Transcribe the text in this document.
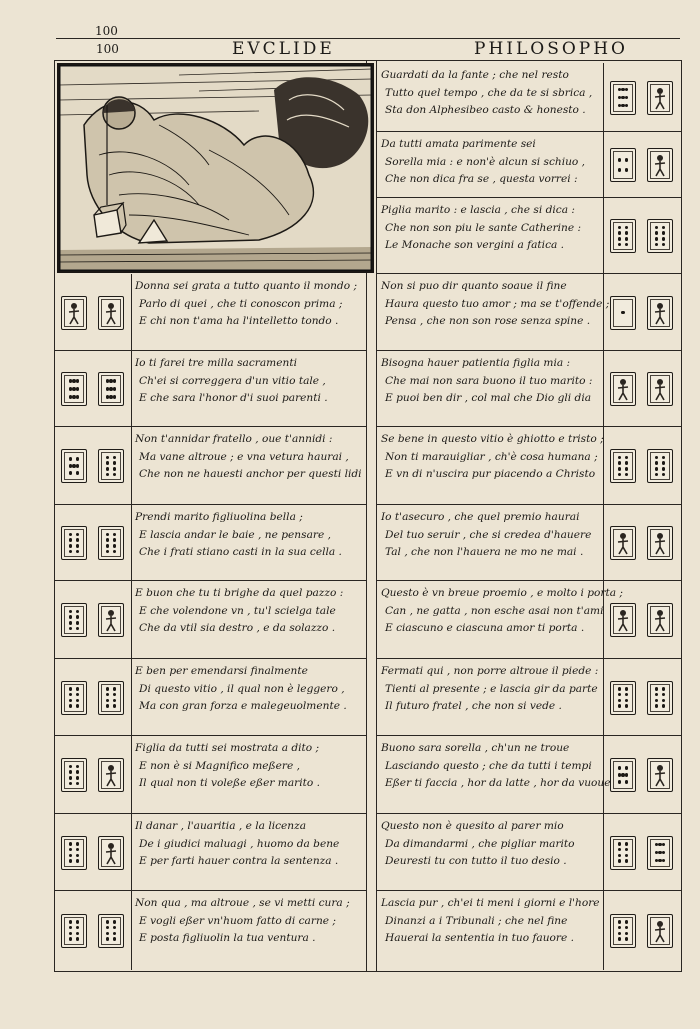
100
100	EVCLIDE	PHILOSOPHO
Guardati da la fante ; che nel resto
Tutto quel tempo , che da te si sbrica ,
Sta don Alphesibeo casto & honesto .
Da tutti amata parimente sei
Sorella mia : e non'è alcun si schiuo ,
Che non dica fra se , questa vorrei :
Piglia marito : e lascia , che si dica :
Che non son piu le sante Catherine :
Le Monache son vergini a fatica .
Non si puo dir quanto soaue il fine
Haura questo tuo amor ; ma se t'offende ;
Pensa , che non son rose senza spine .
Bisogna hauer patientia figlia mia :
Che mai non sara buono il tuo marito :
E puoi ben dir , col mal che Dio gli dia
Se bene in questo vitio è ghiotto e tristo ;
Non ti marauigliar , ch'è cosa humana ;
E vn di n'uscira pur piacendo a Christo
Io t'asecuro , che quel premio haurai
Del tuo seruir , che si credea d'hauere
Tal , che non l'hauera ne mo ne mai .
Questo è vn breue proemio , e molto i porta ;
Can , ne gatta , non esche asai non t'ami
E ciascuno e ciascuna amor ti porta .
Fermati qui , non porre altroue il piede :
Tienti al presente ; e lascia gir da parte
Il futuro fratel , che non si vede .
Buono sara sorella , ch'un ne troue
Lasciando questo ; che da tutti i tempi
Eßer ti faccia , hor da latte , hor da vuoue
Questo non è quesito al parer mio
Da dimandarmi , che pigliar marito
Deuresti tu con tutto il tuo desio .
Lascia pur , ch'ei ti meni i giorni e l'hore
Dinanzi a i Tribunali ; che nel fine
Hauerai la sententia in tuo fauore .
Donna sei grata a tutto quanto il mondo ;
Parlo di quei , che ti conoscon prima ;
E chi non t'ama ha l'intelletto tondo .
Io ti farei tre milla sacramenti
Ch'ei si correggera d'un vitio tale ,
E che sara l'honor d'i suoi parenti .
Non t'annidar fratello , oue t'annidi :
Ma vane altroue ; e vna vetura haurai ,
Che non ne hauesti anchor per questi lidi
Prendi marito figliuolina bella ;
E lascia andar le baie , ne pensare ,
Che i frati stiano casti in la sua cella .
E buon che tu ti brighe da quel pazzo :
E che volendone vn , tu'l scielga tale
Che da vtil sia destro , e da solazzo .
E ben per emendarsi finalmente
Di questo vitio , il qual non è leggero ,
Ma con gran forza e malegeuolmente .
Figlia da tutti sei mostrata a dito ;
E non è si Magnifico meßere ,
Il qual non ti voleße eßer marito .
Il danar , l'auaritia , e la licenza
De i giudici maluagi , huomo da bene
E per farti hauer contra la sentenza .
Non qua , ma altroue , se vi metti cura ;
E vogli eßer vn'huom fatto di carne ;
E posta figliuolin la tua ventura .
